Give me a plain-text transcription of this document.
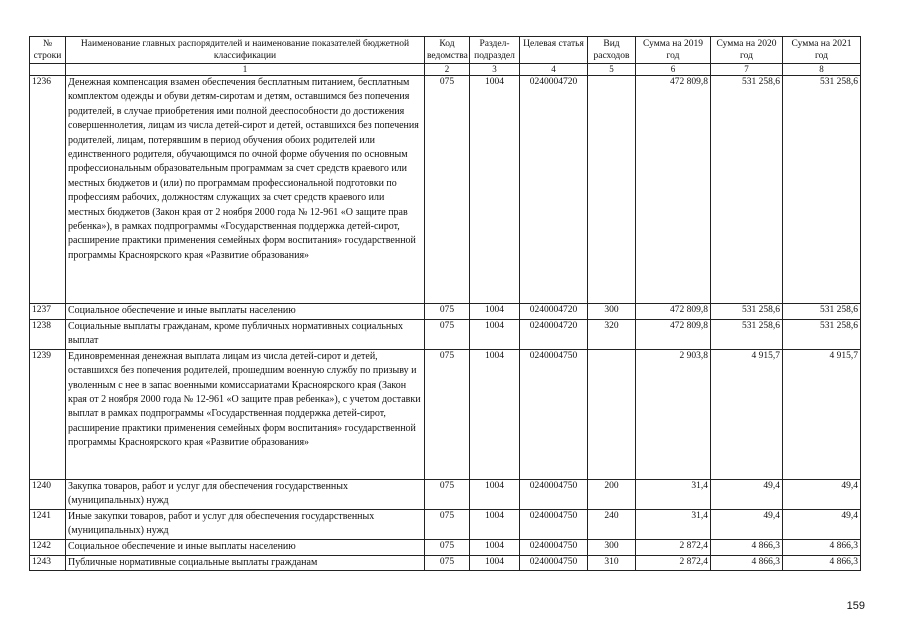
№ строки	Наименование главных распорядителей и наименование показателей бюджетной классификации	Код ведомства	Раздел-подраздел	Целевая статья	Вид расходов	Сумма на 2019 год	Сумма на 2020 год	Сумма на 2021 год
	1	2	3	4	5	6	7	8
1236	Денежная компенсация взамен обеспечения бесплатным питанием, бесплатным комплектом одежды и обуви детям-сиротам и детям, оставшимся без попечения родителей, в случае приобретения ими полной дееспособности до достижения совершеннолетия, лицам из числа детей-сирот и детей, оставшихся без попечения родителей, лицам, потерявшим в период обучения обоих родителей или единственного родителя, обучающимся по очной форме обучения по основным профессиональным образовательным программам за счет средств краевого или местных бюджетов и (или) по программам профессиональной подготовки по профессиям рабочих, должностям служащих за счет средств краевого или местных бюджетов (Закон края от 2 ноября 2000 года № 12-961 «О защите прав ребенка»), в рамках подпрограммы «Государственная поддержка детей-сирот, расширение практики применения семейных форм воспитания» государственной программы Красноярского края «Развитие образования»	075	1004	0240004720		472 809,8	531 258,6	531 258,6
1237	Социальное обеспечение и иные выплаты населению	075	1004	0240004720	300	472 809,8	531 258,6	531 258,6
1238	Социальные выплаты гражданам, кроме публичных нормативных социальных выплат	075	1004	0240004720	320	472 809,8	531 258,6	531 258,6
1239	Единовременная денежная выплата лицам из числа детей-сирот и детей, оставшихся без попечения родителей, прошедшим военную службу по призыву и уволенным с нее в запас военными комиссариатами Красноярского края (Закон края от 2 ноября 2000 года № 12-961 «О защите прав ребенка»), с учетом доставки выплат в рамках подпрограммы «Государственная поддержка детей-сирот, расширение практики применения семейных форм воспитания» государственной программы Красноярского края «Развитие образования»	075	1004	0240004750		2 903,8	4 915,7	4 915,7
1240	Закупка товаров, работ и услуг для обеспечения государственных (муниципальных) нужд	075	1004	0240004750	200	31,4	49,4	49,4
1241	Иные закупки товаров, работ и услуг для обеспечения государственных (муниципальных) нужд	075	1004	0240004750	240	31,4	49,4	49,4
1242	Социальное обеспечение и иные выплаты населению	075	1004	0240004750	300	2 872,4	4 866,3	4 866,3
1243	Публичные нормативные социальные выплаты гражданам	075	1004	0240004750	310	2 872,4	4 866,3	4 866,3
159
